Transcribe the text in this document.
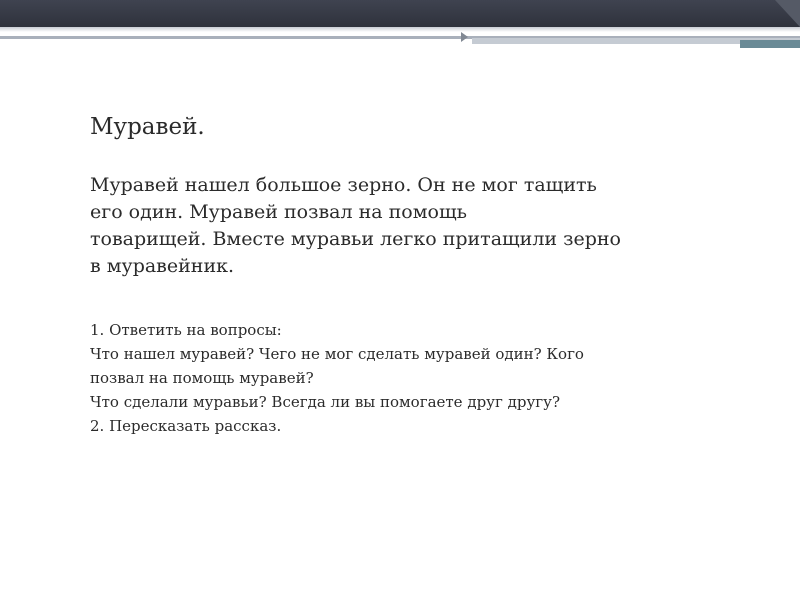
Муравей.
Муравей нашел большое зерно. Он не мог тащить
его один. Муравей позвал на помощь
товарищей. Вместе муравьи легко притащили зерно
в муравейник.
1. Ответить на вопросы:
Что нашел муравей? Чего не мог сделать муравей один? Кого
позвал на помощь муравей?
Что сделали муравьи? Всегда ли вы помогаете друг другу?
2. Пересказать рассказ.
